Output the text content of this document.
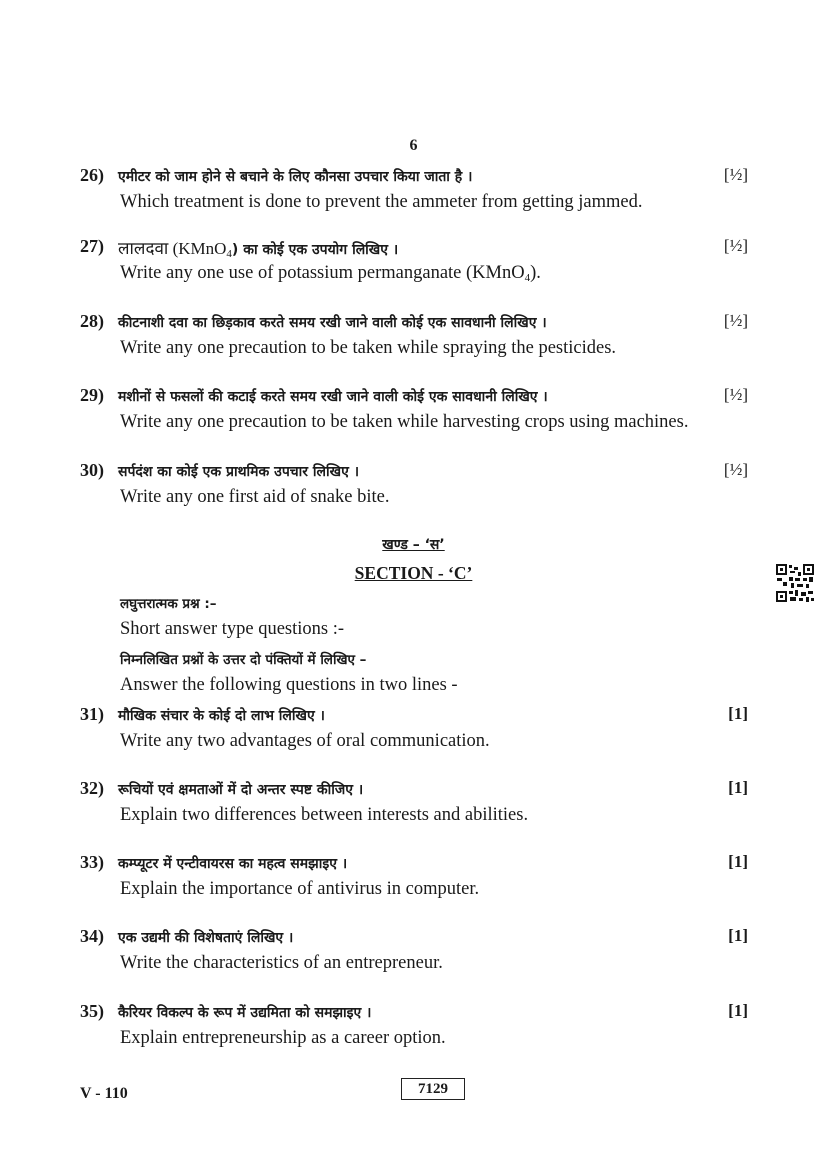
6
26) एमीटर को जाम होने से बचाने के लिए कौनसा उपचार किया जाता है ।	[½]
Which treatment is done to prevent the ammeter from getting jammed.
27) लालदवा (KMnO$_4$) का कोई एक उपयोग लिखिए ।	[½]
Write any one use of potassium permanganate (KMnO$_4$).
28) कीटनाशी दवा का छिड़काव करते समय रखी जाने वाली कोई एक सावधानी लिखिए ।	[½]
Write any one precaution to be taken while spraying the pesticides.
29) मशीनों से फसलों की कटाई करते समय रखी जाने वाली कोई एक सावधानी लिखिए ।	[½]
Write any one precaution to be taken while harvesting crops using machines.
30) सर्पदंश का कोई एक प्राथमिक उपचार लिखिए ।	[½]
Write any one first aid of snake bite.
खण्ड – ‘स’
SECTION - ‘C’
लघुत्तरात्मक प्रश्न :–
Short answer type questions :-
निम्नलिखित प्रश्नों के उत्तर दो पंक्तियों में लिखिए –
Answer the following questions in two lines -
31) मौखिक संचार के कोई दो लाभ लिखिए ।	[1]
Write any two advantages of oral communication.
32) रूचियों एवं क्षमताओं में दो अन्तर स्पष्ट कीजिए ।	[1]
Explain two differences between interests and abilities.
33) कम्प्यूटर में एन्टीवायरस का महत्व समझाइए ।	[1]
Explain the importance of antivirus in computer.
34) एक उद्यमी की विशेषताएं लिखिए ।	[1]
Write the characteristics of an entrepreneur.
35) कैरियर विकल्प के रूप में उद्यमिता को समझाइए ।	[1]
Explain entrepreneurship as a career option.
V - 110	7129
